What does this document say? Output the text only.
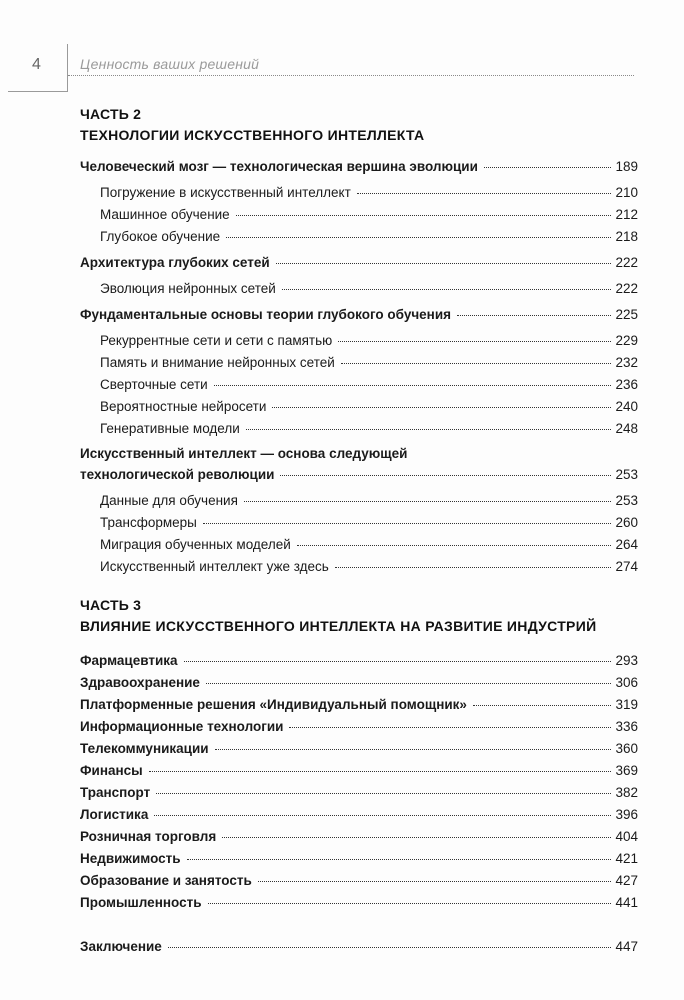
4	Ценность ваших решений
ЧАСТЬ 2
ТЕХНОЛОГИИ ИСКУССТВЕННОГО ИНТЕЛЛЕКТА
Человеческий мозг — технологическая вершина эволюции	189
Погружение в искусственный интеллект	210
Машинное обучение	212
Глубокое обучение	218
Архитектура глубоких сетей	222
Эволюция нейронных сетей	222
Фундаментальные основы теории глубокого обучения	225
Рекуррентные сети и сети с памятью	229
Память и внимание нейронных сетей	232
Сверточные сети	236
Вероятностные нейросети	240
Генеративные модели	248
Искусственный интеллект — основа следующей
технологической революции	253
Данные для обучения	253
Трансформеры	260
Миграция обученных моделей	264
Искусственный интеллект уже здесь	274
ЧАСТЬ 3
ВЛИЯНИЕ ИСКУССТВЕННОГО ИНТЕЛЛЕКТА НА РАЗВИТИЕ ИНДУСТРИЙ
Фармацевтика	293
Здравоохранение	306
Платформенные решения «Индивидуальный помощник»	319
Информационные технологии	336
Телекоммуникации	360
Финансы	369
Транспорт	382
Логистика	396
Розничная торговля	404
Недвижимость	421
Образование и занятость	427
Промышленность	441
Заключение	447
